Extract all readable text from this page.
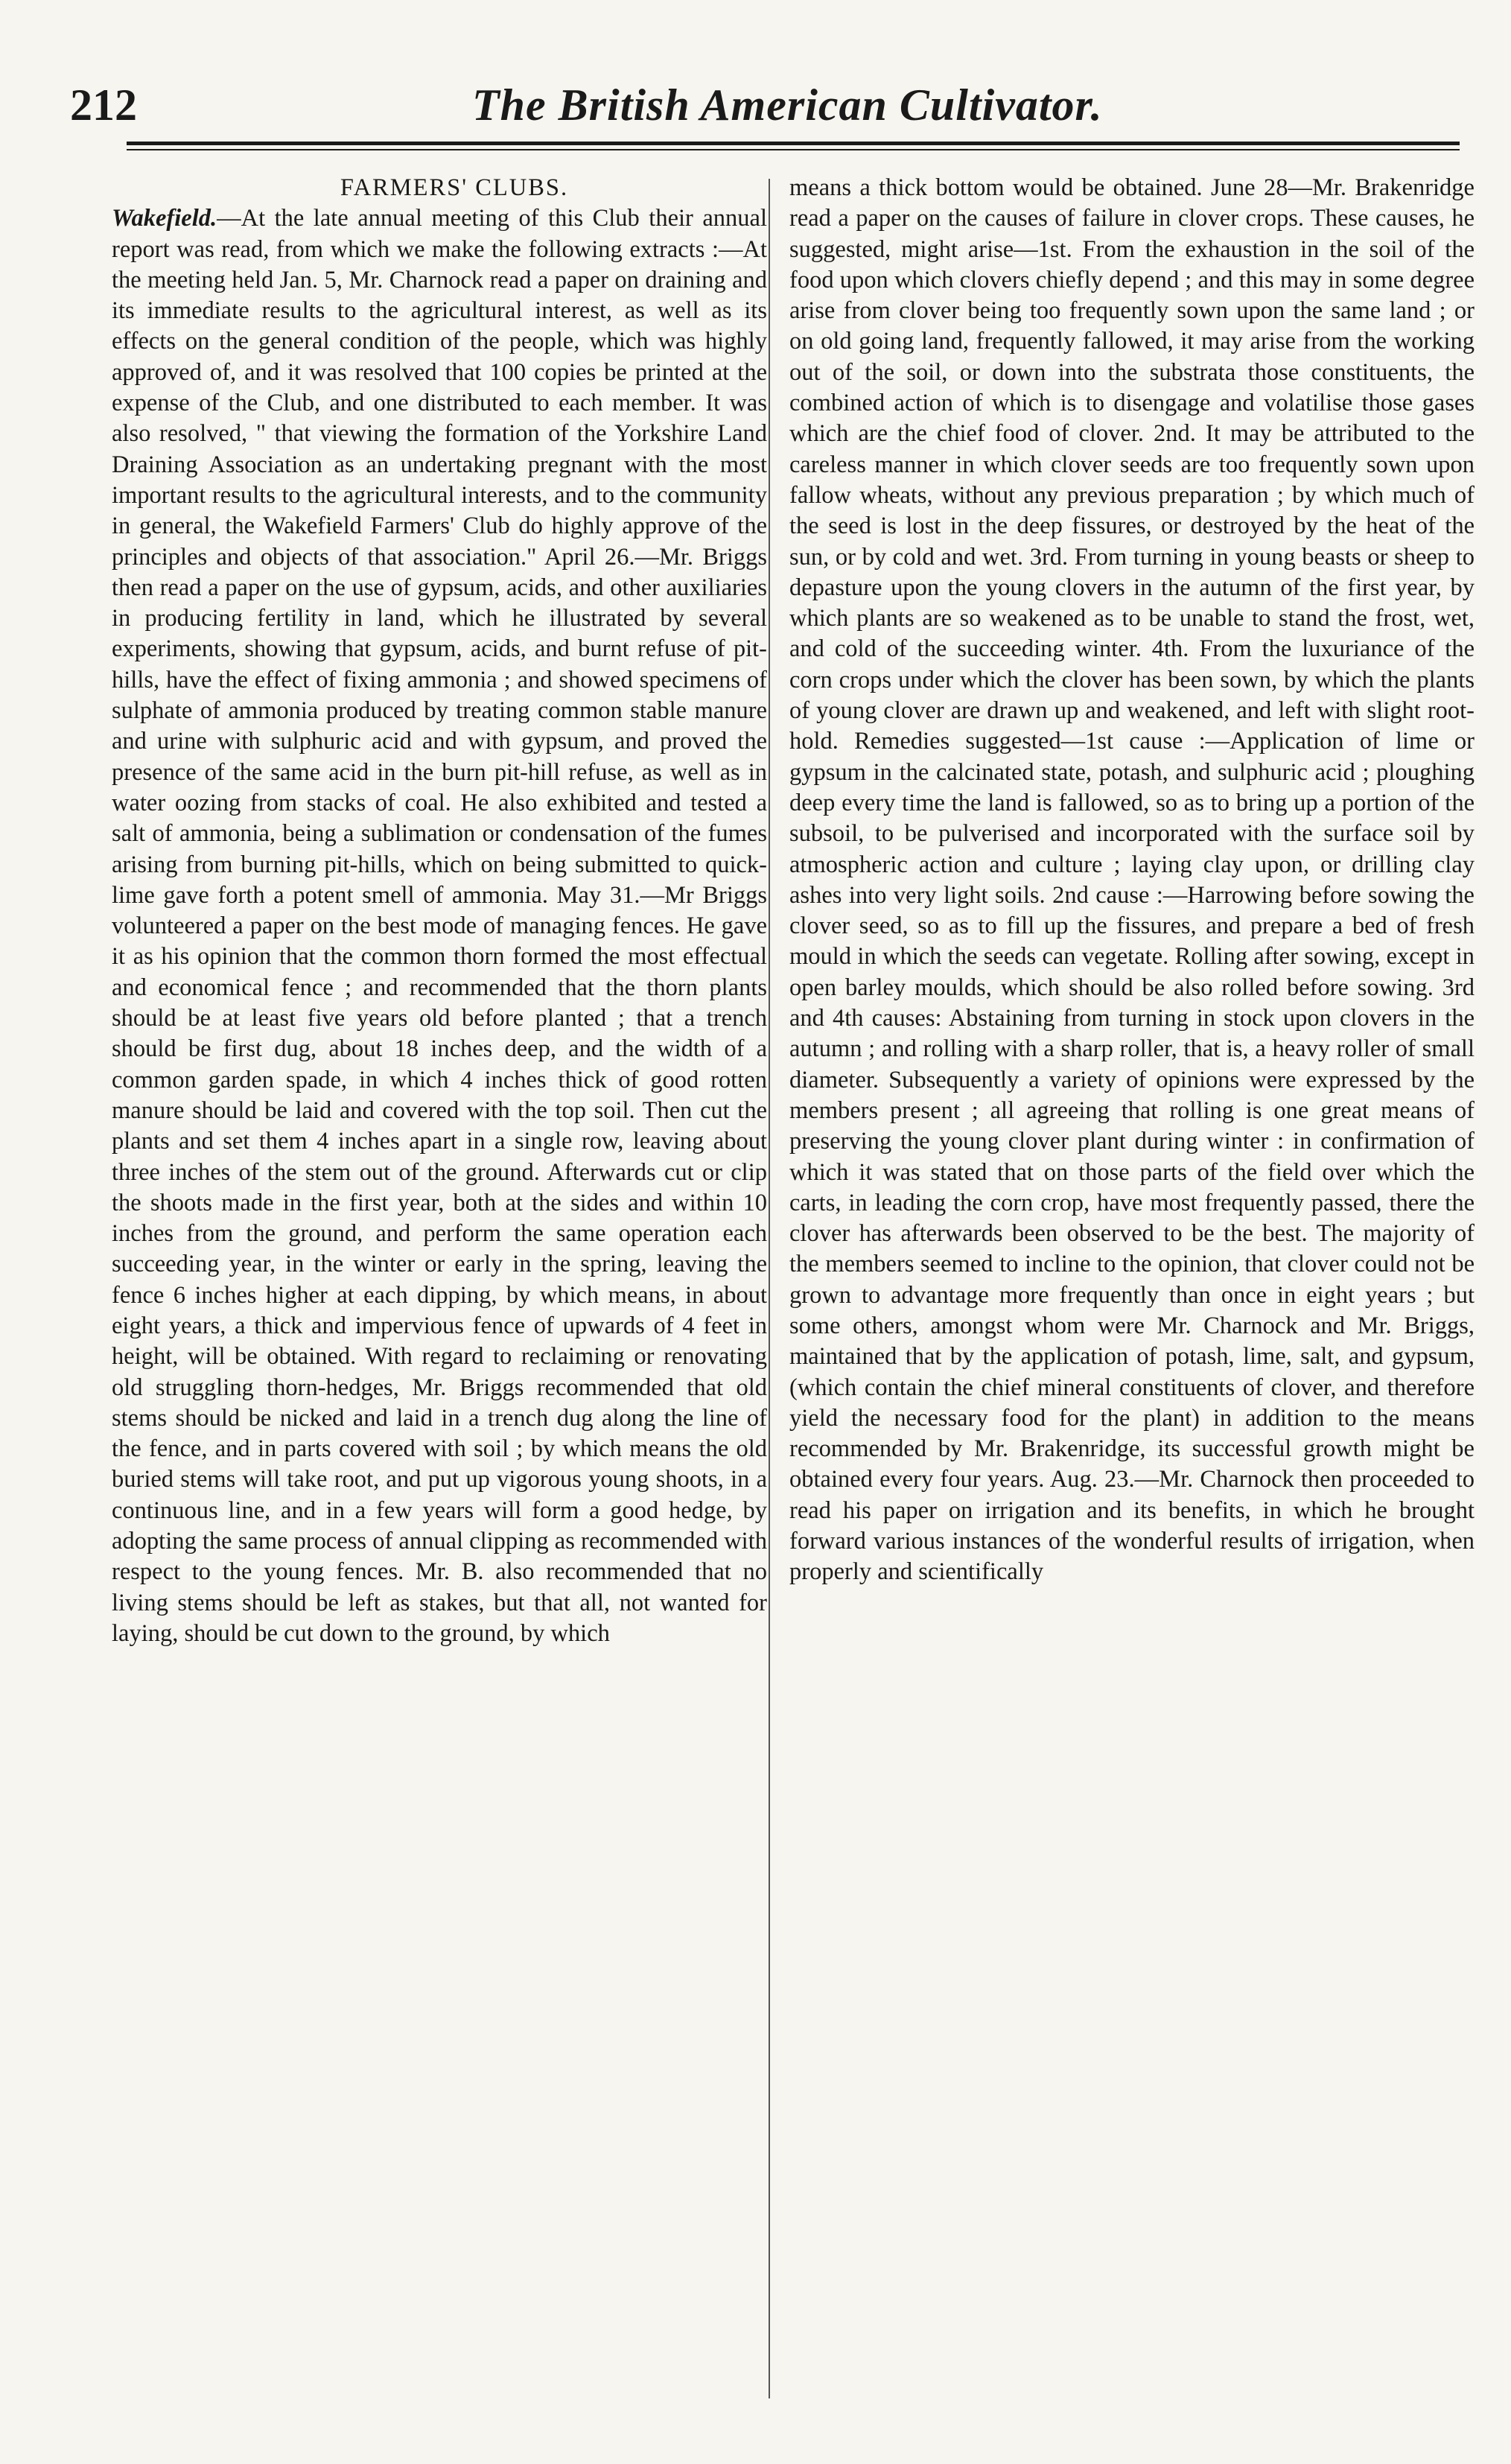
212	The British American Cultivator.

FARMERS' CLUBS.

Wakefield.—At the late annual meeting of this Club their annual report was read, from which we make the following extracts :—At the meeting held Jan. 5, Mr. Charnock read a paper on draining and its immediate results to the agricultural interest, as well as its effects on the general condition of the people, which was highly approved of, and it was resolved that 100 copies be printed at the expense of the Club, and one distributed to each member. It was also resolved, " that viewing the formation of the Yorkshire Land Draining Association as an undertaking pregnant with the most important results to the agricultural interests, and to the community in general, the Wakefield Farmers' Club do highly approve of the principles and objects of that association." April 26.—Mr. Briggs then read a paper on the use of gypsum, acids, and other auxiliaries in producing fertility in land, which he illustrated by several experiments, showing that gypsum, acids, and burnt refuse of pit-hills, have the effect of fixing ammonia ; and showed specimens of sulphate of ammonia produced by treating common stable manure and urine with sulphuric acid and with gypsum, and proved the presence of the same acid in the burn pit-hill refuse, as well as in water oozing from stacks of coal. He also exhibited and tested a salt of ammonia, being a sublimation or condensation of the fumes arising from burning pit-hills, which on being submitted to quick-lime gave forth a potent smell of ammonia. May 31.—Mr Briggs volunteered a paper on the best mode of managing fences. He gave it as his opinion that the common thorn formed the most effectual and economical fence ; and recommended that the thorn plants should be at least five years old before planted ; that a trench should be first dug, about 18 inches deep, and the width of a common garden spade, in which 4 inches thick of good rotten manure should be laid and covered with the top soil. Then cut the plants and set them 4 inches apart in a single row, leaving about three inches of the stem out of the ground. Afterwards cut or clip the shoots made in the first year, both at the sides and within 10 inches from the ground, and perform the same operation each succeeding year, in the winter or early in the spring, leaving the fence 6 inches higher at each dipping, by which means, in about eight years, a thick and impervious fence of upwards of 4 feet in height, will be obtained. With regard to reclaiming or renovating old struggling thorn-hedges, Mr. Briggs recommended that old stems should be nicked and laid in a trench dug along the line of the fence, and in parts covered with soil ; by which means the old buried stems will take root, and put up vigorous young shoots, in a continuous line, and in a few years will form a good hedge, by adopting the same process of annual clipping as recommended with respect to the young fences. Mr. B. also recommended that no living stems should be left as stakes, but that all, not wanted for laying, should be cut down to the ground, by which

means a thick bottom would be obtained. June 28—Mr. Brakenridge read a paper on the causes of failure in clover crops. These causes, he suggested, might arise—1st. From the exhaustion in the soil of the food upon which clovers chiefly depend ; and this may in some degree arise from clover being too frequently sown upon the same land ; or on old going land, frequently fallowed, it may arise from the working out of the soil, or down into the substrata those constituents, the combined action of which is to disengage and volatilise those gases which are the chief food of clover. 2nd. It may be attributed to the careless manner in which clover seeds are too frequently sown upon fallow wheats, without any previous preparation ; by which much of the seed is lost in the deep fissures, or destroyed by the heat of the sun, or by cold and wet. 3rd. From turning in young beasts or sheep to depasture upon the young clovers in the autumn of the first year, by which plants are so weakened as to be unable to stand the frost, wet, and cold of the succeeding winter. 4th. From the luxuriance of the corn crops under which the clover has been sown, by which the plants of young clover are drawn up and weakened, and left with slight root-hold. Remedies suggested—1st cause :—Application of lime or gypsum in the calcinated state, potash, and sulphuric acid ; ploughing deep every time the land is fallowed, so as to bring up a portion of the subsoil, to be pulverised and incorporated with the surface soil by atmospheric action and culture ; laying clay upon, or drilling clay ashes into very light soils. 2nd cause :—Harrowing before sowing the clover seed, so as to fill up the fissures, and prepare a bed of fresh mould in which the seeds can vegetate. Rolling after sowing, except in open barley moulds, which should be also rolled before sowing. 3rd and 4th causes: Abstaining from turning in stock upon clovers in the autumn ; and rolling with a sharp roller, that is, a heavy roller of small diameter. Subsequently a variety of opinions were expressed by the members present ; all agreeing that rolling is one great means of preserving the young clover plant during winter : in confirmation of which it was stated that on those parts of the field over which the carts, in leading the corn crop, have most frequently passed, there the clover has afterwards been observed to be the best. The majority of the members seemed to incline to the opinion, that clover could not be grown to advantage more frequently than once in eight years ; but some others, amongst whom were Mr. Charnock and Mr. Briggs, maintained that by the application of potash, lime, salt, and gypsum, (which contain the chief mineral constituents of clover, and therefore yield the necessary food for the plant) in addition to the means recommended by Mr. Brakenridge, its successful growth might be obtained every four years. Aug. 23.—Mr. Charnock then proceeded to read his paper on irrigation and its benefits, in which he brought forward various instances of the wonderful results of irrigation, when properly and scientifically
